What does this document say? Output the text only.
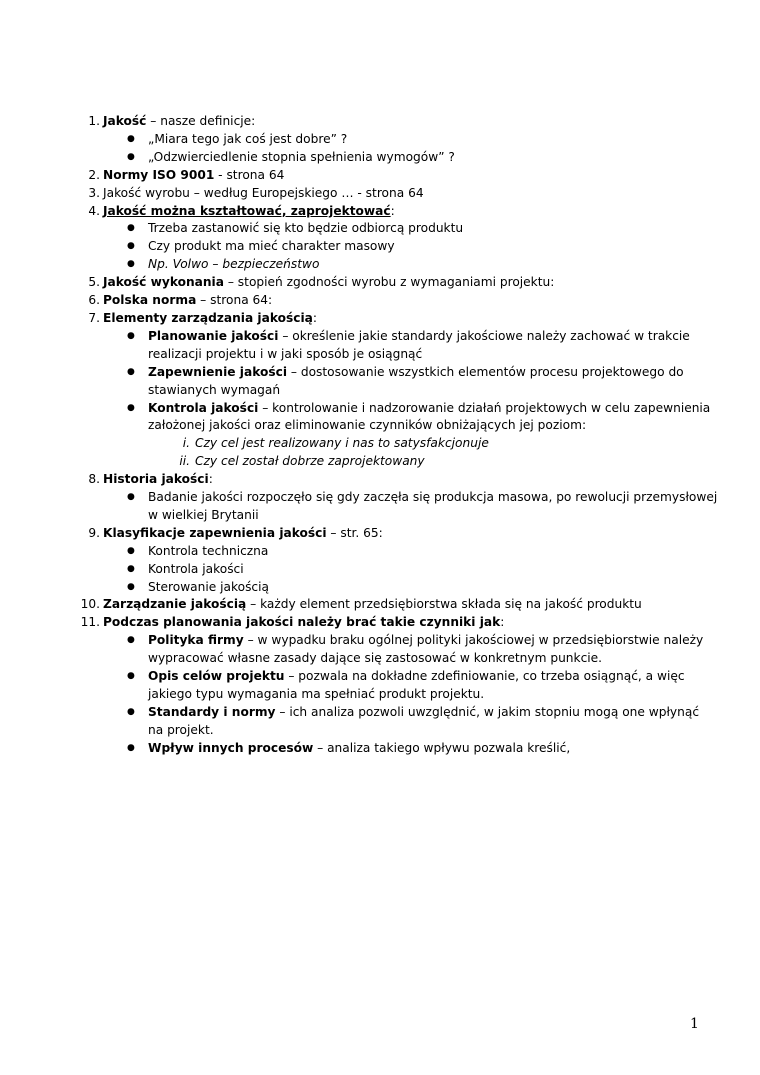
1. Jakość – nasze definicje:
● „Miara tego jak coś jest dobre” ?
● „Odzwierciedlenie stopnia spełnienia wymogów” ?
2. Normy ISO 9001 - strona 64
3. Jakość wyrobu – według Europejskiego … - strona 64
4. Jakość można kształtować, zaprojektować:
● Trzeba zastanowić się kto będzie odbiorcą produktu
● Czy produkt ma mieć charakter masowy
● Np. Volwo – bezpieczeństwo
5. Jakość wykonania – stopień zgodności wyrobu z wymaganiami projektu:
6. Polska norma – strona 64:
7. Elementy zarządzania jakością:
● Planowanie jakości – określenie jakie standardy jakościowe należy zachować w trakcie realizacji projektu i w jaki sposób je osiągnąć
● Zapewnienie jakości – dostosowanie wszystkich elementów procesu projektowego do stawianych wymagań
● Kontrola jakości – kontrolowanie i nadzorowanie działań projektowych w celu zapewnienia założonej jakości oraz eliminowanie czynników obniżających jej poziom:
i. Czy cel jest realizowany i nas to satysfakcjonuje
ii. Czy cel został dobrze zaprojektowany
8. Historia jakości:
● Badanie jakości rozpoczęło się gdy zaczęła się produkcja masowa, po rewolucji przemysłowej w wielkiej Brytanii
9. Klasyfikacje zapewnienia jakości – str. 65:
● Kontrola techniczna
● Kontrola jakości
● Sterowanie jakością
10. Zarządzanie jakością – każdy element przedsiębiorstwa składa się na jakość produktu
11. Podczas planowania jakości należy brać takie czynniki jak:
● Polityka firmy – w wypadku braku ogólnej polityki jakościowej w przedsiębiorstwie należy wypracować własne zasady dające się zastosować w konkretnym punkcie.
● Opis celów projektu – pozwala na dokładne zdefiniowanie, co trzeba osiągnąć, a więc jakiego typu wymagania ma spełniać produkt projektu.
● Standardy i normy – ich analiza pozwoli uwzględnić, w jakim stopniu mogą one wpłynąć na projekt.
● Wpływ innych procesów – analiza takiego wpływu pozwala kreślić,
1
